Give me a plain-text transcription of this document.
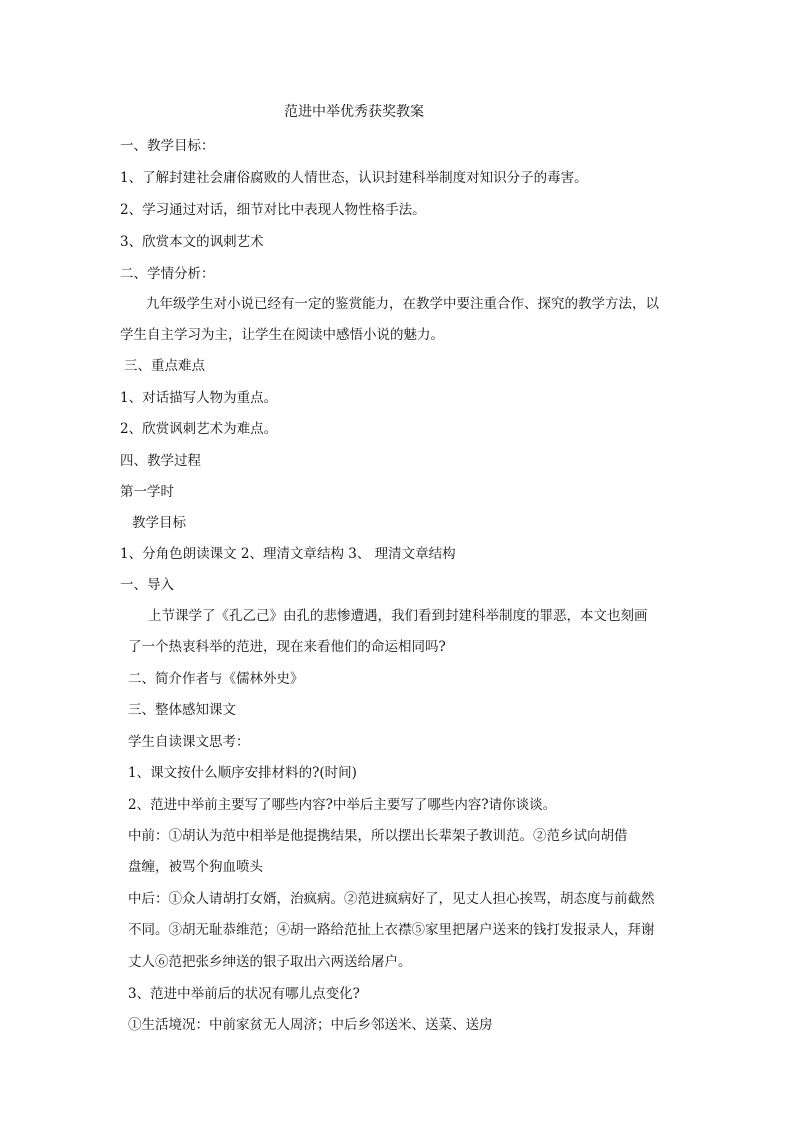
范进中举优秀获奖教案
一、教学目标：
1、了解封建社会庸俗腐败的人情世态，认识封建科举制度对知识分子的毒害。
2、学习通过对话，细节对比中表现人物性格手法。
3、欣赏本文的讽刺艺术
二、学情分析：
九年级学生对小说已经有一定的鉴赏能力，在教学中要注重合作、探究的教学方法，以
学生自主学习为主，让学生在阅读中感悟小说的魅力。
三、重点难点
1、对话描写人物为重点。
2、欣赏讽刺艺术为难点。
四、教学过程
第一学时
教学目标
1、分角色朗读课文 2、理清文章结构 3、 理清文章结构
一、导入
上节课学了《孔乙己》由孔的悲惨遭遇，我们看到封建科举制度的罪恶，本文也刻画
了一个热衷科举的范进，现在来看他们的命运相同吗?
二、简介作者与《儒林外史》
三、整体感知课文
学生自读课文思考：
1、课文按什么顺序安排材料的?(时间)
2、范进中举前主要写了哪些内容?中举后主要写了哪些内容?请你谈谈。
中前：①胡认为范中相举是他提携结果，所以摆出长辈架子教训范。②范乡试向胡借
盘缠，被骂个狗血喷头
中后：①众人请胡打女婿，治疯病。②范进疯病好了，见丈人担心挨骂，胡态度与前截然
不同。③胡无耻恭维范；④胡一路给范扯上衣襟⑤家里把屠户送来的钱打发报录人，拜谢
丈人⑥范把张乡绅送的银子取出六两送给屠户。
3、范进中举前后的状况有哪儿点变化?
①生活境况：中前家贫无人周济；中后乡邻送米、送菜、送房
